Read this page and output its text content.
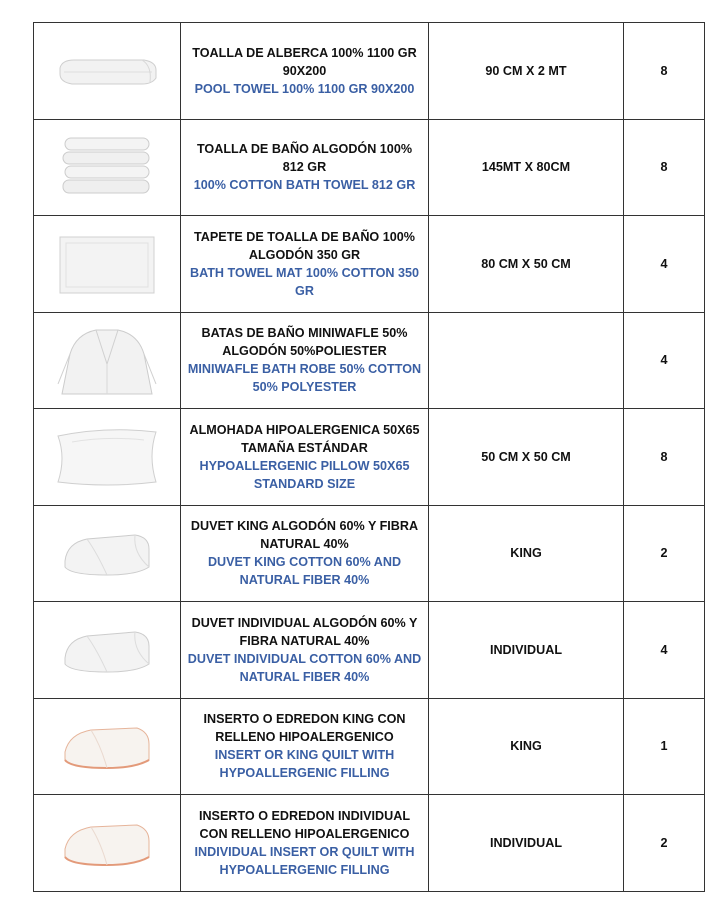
TOALLA DE ALBERCA 100% 1100 GR 90X200
POOL TOWEL 100% 1100 GR 90X200	90 CM X 2 MT	8

TOALLA DE BAÑO ALGODÓN 100% 812 GR
100% COTTON BATH TOWEL 812 GR	145MT X 80CM	8

TAPETE DE TOALLA DE BAÑO 100% ALGODÓN 350 GR
BATH TOWEL MAT 100% COTTON 350 GR	80 CM X 50 CM	4

BATAS DE BAÑO MINIWAFLE 50% ALGODÓN 50%POLIESTER
MINIWAFLE BATH ROBE 50% COTTON 50% POLYESTER		4

ALMOHADA HIPOALERGENICA 50X65 TAMAÑA ESTÁNDAR
HYPOALLERGENIC PILLOW 50X65 STANDARD SIZE	50 CM X 50 CM	8

DUVET KING ALGODÓN 60% Y FIBRA NATURAL 40%
DUVET KING COTTON 60% AND NATURAL FIBER 40%	KING	2

DUVET INDIVIDUAL ALGODÓN 60% Y FIBRA NATURAL 40%
DUVET INDIVIDUAL COTTON 60% AND NATURAL FIBER 40%	INDIVIDUAL	4

INSERTO O EDREDON KING CON RELLENO HIPOALERGENICO
INSERT OR KING QUILT WITH HYPOALLERGENIC FILLING	KING	1

INSERTO O EDREDON INDIVIDUAL CON RELLENO HIPOALERGENICO
INDIVIDUAL INSERT OR QUILT WITH HYPOALLERGENIC FILLING	INDIVIDUAL	2
